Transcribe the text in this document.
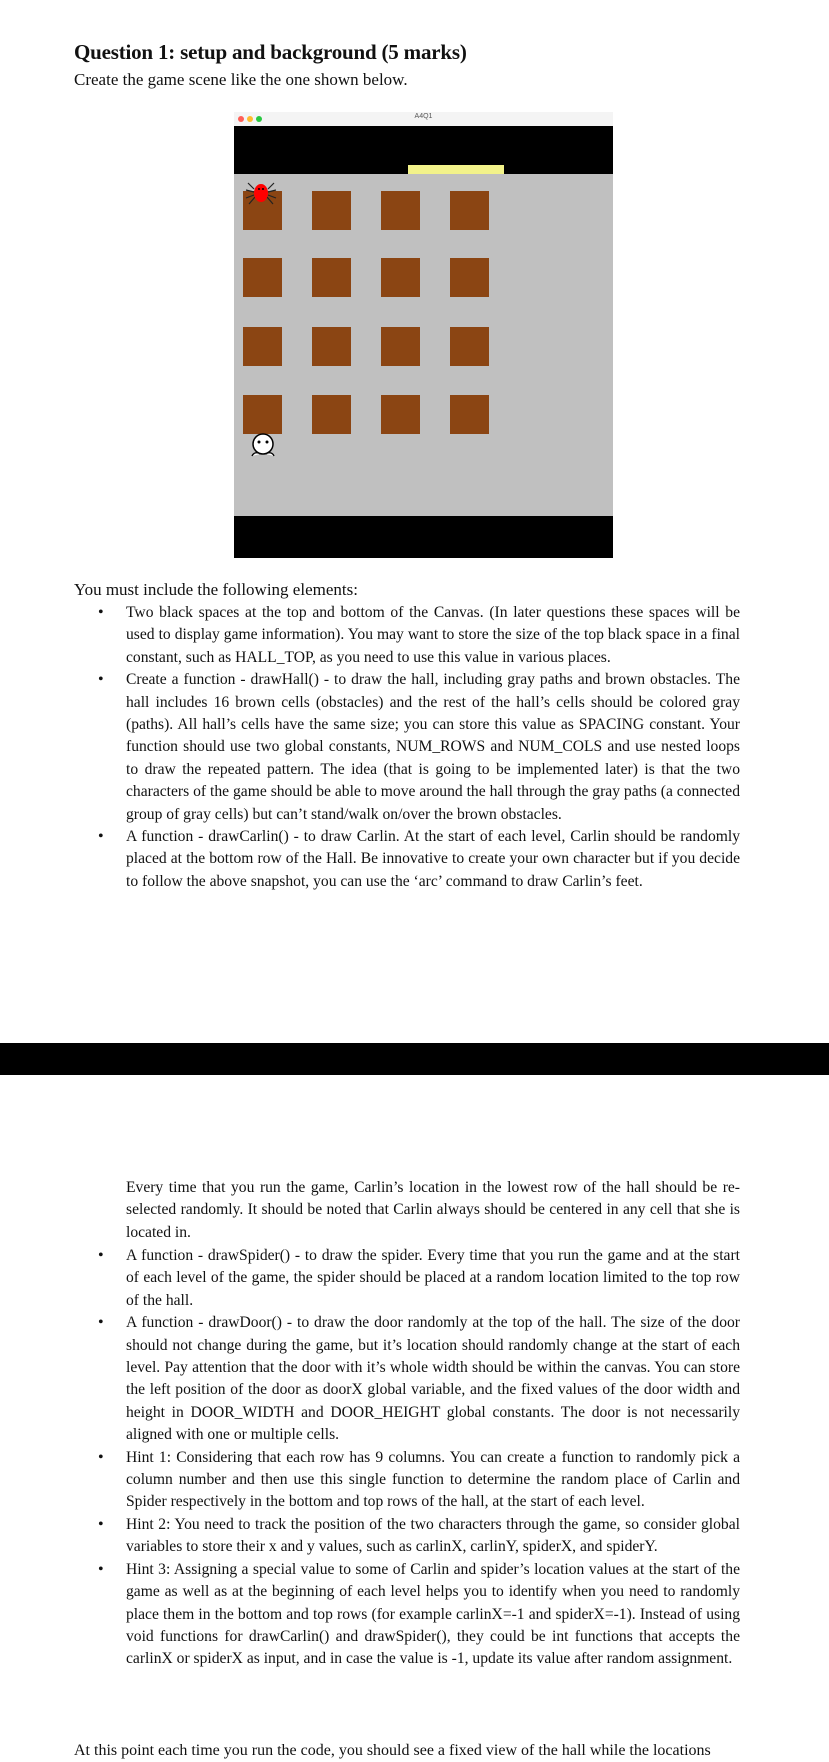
Question 1: setup and background (5 marks)

Create the game scene like the one shown below.

A4Q1

You must include the following elements:

• Two black spaces at the top and bottom of the Canvas. (In later questions these spaces will be used to display game information). You may want to store the size of the top black space in a final constant, such as HALL_TOP, as you need to use this value in various places.
• Create a function - drawHall() - to draw the hall, including gray paths and brown obstacles. The hall includes 16 brown cells (obstacles) and the rest of the hall’s cells should be colored gray (paths). All hall’s cells have the same size; you can store this value as SPACING constant. Your function should use two global constants, NUM_ROWS and NUM_COLS and use nested loops to draw the repeated pattern. The idea (that is going to be implemented later) is that the two characters of the game should be able to move around the hall through the gray paths (a connected group of gray cells) but can’t stand/walk on/over the brown obstacles.
• A function - drawCarlin() - to draw Carlin. At the start of each level, Carlin should be randomly placed at the bottom row of the Hall. Be innovative to create your own character but if you decide to follow the above snapshot, you can use the ‘arc’ command to draw Carlin’s feet.

Every time that you run the game, Carlin’s location in the lowest row of the hall should be re-selected randomly. It should be noted that Carlin always should be centered in any cell that she is located in.

• A function - drawSpider() - to draw the spider. Every time that you run the game and at the start of each level of the game, the spider should be placed at a random location limited to the top row of the hall.
• A function - drawDoor() - to draw the door randomly at the top of the hall. The size of the door should not change during the game, but it’s location should randomly change at the start of each level. Pay attention that the door with it’s whole width should be within the canvas. You can store the left position of the door as doorX global variable, and the fixed values of the door width and height in DOOR_WIDTH and DOOR_HEIGHT global constants. The door is not necessarily aligned with one or multiple cells.
• Hint 1: Considering that each row has 9 columns. You can create a function to randomly pick a column number and then use this single function to determine the random place of Carlin and Spider respectively in the bottom and top rows of the hall, at the start of each level.
• Hint 2: You need to track the position of the two characters through the game, so consider global variables to store their x and y values, such as carlinX, carlinY, spiderX, and spiderY.
• Hint 3: Assigning a special value to some of Carlin and spider’s location values at the start of the game as well as at the beginning of each level helps you to identify when you need to randomly place them in the bottom and top rows (for example carlinX=-1 and spiderX=-1). Instead of using void functions for drawCarlin() and drawSpider(), they could be int functions that accepts the carlinX or spiderX as input, and in case the value is -1, update its value after random assignment.

At this point each time you run the code, you should see a fixed view of the hall while the locations
